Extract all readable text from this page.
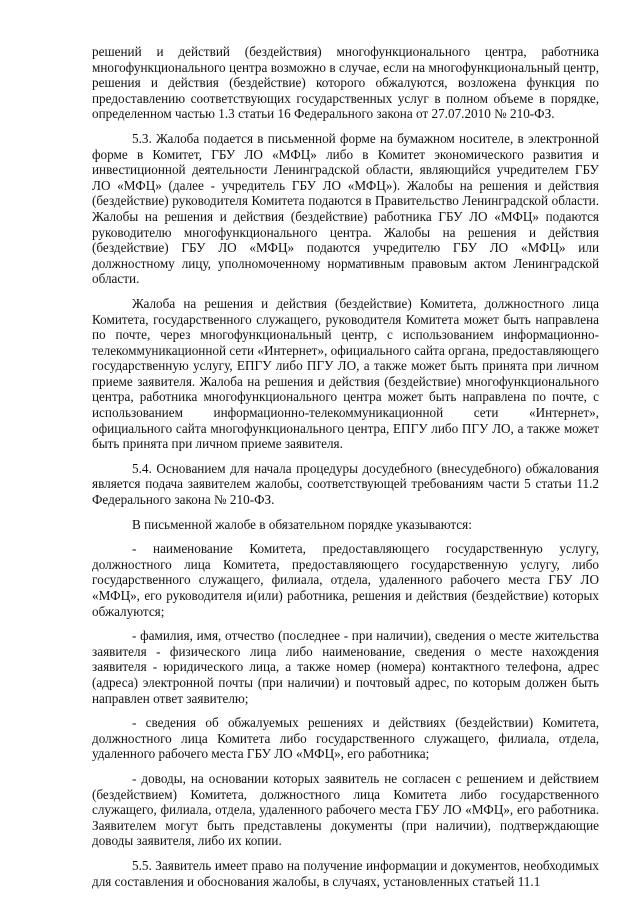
решений и действий (бездействия) многофункционального центра, работника многофункционального центра возможно в случае, если на многофункциональный центр, решения и действия (бездействие) которого обжалуются, возложена функция по предоставлению соответствующих государственных услуг в полном объеме в порядке, определенном частью 1.3 статьи 16 Федерального закона от 27.07.2010 № 210-ФЗ.

5.3. Жалоба подается в письменной форме на бумажном носителе, в электронной форме в Комитет, ГБУ ЛО «МФЦ» либо в Комитет экономического развития и инвестиционной деятельности Ленинградской области, являющийся учредителем ГБУ ЛО «МФЦ» (далее - учредитель ГБУ ЛО «МФЦ»). Жалобы на решения и действия (бездействие) руководителя Комитета подаются в Правительство Ленинградской области. Жалобы на решения и действия (бездействие) работника ГБУ ЛО «МФЦ» подаются руководителю многофункционального центра. Жалобы на решения и действия (бездействие) ГБУ ЛО «МФЦ» подаются учредителю ГБУ ЛО «МФЦ» или должностному лицу, уполномоченному нормативным правовым актом Ленинградской области.

Жалоба на решения и действия (бездействие) Комитета, должностного лица Комитета, государственного служащего, руководителя Комитета может быть направлена по почте, через многофункциональный центр, с использованием информационно-телекоммуникационной сети «Интернет», официального сайта органа, предоставляющего государственную услугу, ЕПГУ либо ПГУ ЛО, а также может быть принята при личном приеме заявителя. Жалоба на решения и действия (бездействие) многофункционального центра, работника многофункционального центра может быть направлена по почте, с использованием информационно-телекоммуникационной сети «Интернет», официального сайта многофункционального центра, ЕПГУ либо ПГУ ЛО, а также может быть принята при личном приеме заявителя.

5.4. Основанием для начала процедуры досудебного (внесудебного) обжалования является подача заявителем жалобы, соответствующей требованиям части 5 статьи 11.2 Федерального закона № 210-ФЗ.

В письменной жалобе в обязательном порядке указываются:

- наименование Комитета, предоставляющего государственную услугу, должностного лица Комитета, предоставляющего государственную услугу, либо государственного служащего, филиала, отдела, удаленного рабочего места ГБУ ЛО «МФЦ», его руководителя и(или) работника, решения и действия (бездействие) которых обжалуются;

- фамилия, имя, отчество (последнее - при наличии), сведения о месте жительства заявителя - физического лица либо наименование, сведения о месте нахождения заявителя - юридического лица, а также номер (номера) контактного телефона, адрес (адреса) электронной почты (при наличии) и почтовый адрес, по которым должен быть направлен ответ заявителю;

- сведения об обжалуемых решениях и действиях (бездействии) Комитета, должностного лица Комитета либо государственного служащего, филиала, отдела, удаленного рабочего места ГБУ ЛО «МФЦ», его работника;

- доводы, на основании которых заявитель не согласен с решением и действием (бездействием) Комитета, должностного лица Комитета либо государственного служащего, филиала, отдела, удаленного рабочего места ГБУ ЛО «МФЦ», его работника. Заявителем могут быть представлены документы (при наличии), подтверждающие доводы заявителя, либо их копии.

5.5. Заявитель имеет право на получение информации и документов, необходимых для составления и обоснования жалобы, в случаях, установленных статьей 11.1
